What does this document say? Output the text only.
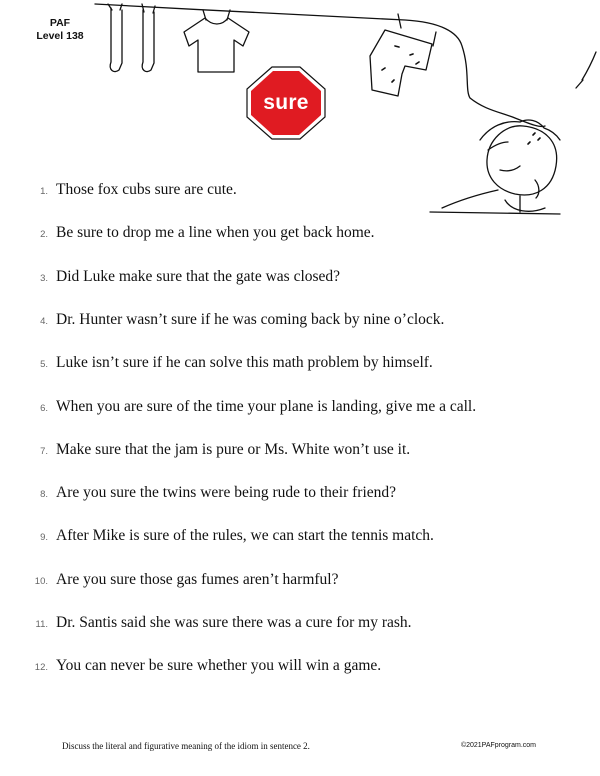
PAF
Level 138
sure
1. Those fox cubs sure are cute.
2. Be sure to drop me a line when you get back home.
3. Did Luke make sure that the gate was closed?
4. Dr. Hunter wasn’t sure if he was coming back by nine o’clock.
5. Luke isn’t sure if he can solve this math problem by himself.
6. When you are sure of the time your plane is landing, give me a call.
7. Make sure that the jam is pure or Ms. White won’t use it.
8. Are you sure the twins were being rude to their friend?
9. After Mike is sure of the rules, we can start the tennis match.
10. Are you sure those gas fumes aren’t harmful?
11. Dr. Santis said she was sure there was a cure for my rash.
12. You can never be sure whether you will win a game.
Discuss the literal and figurative meaning of the idiom in sentence 2.	©2021PAFprogram.com
